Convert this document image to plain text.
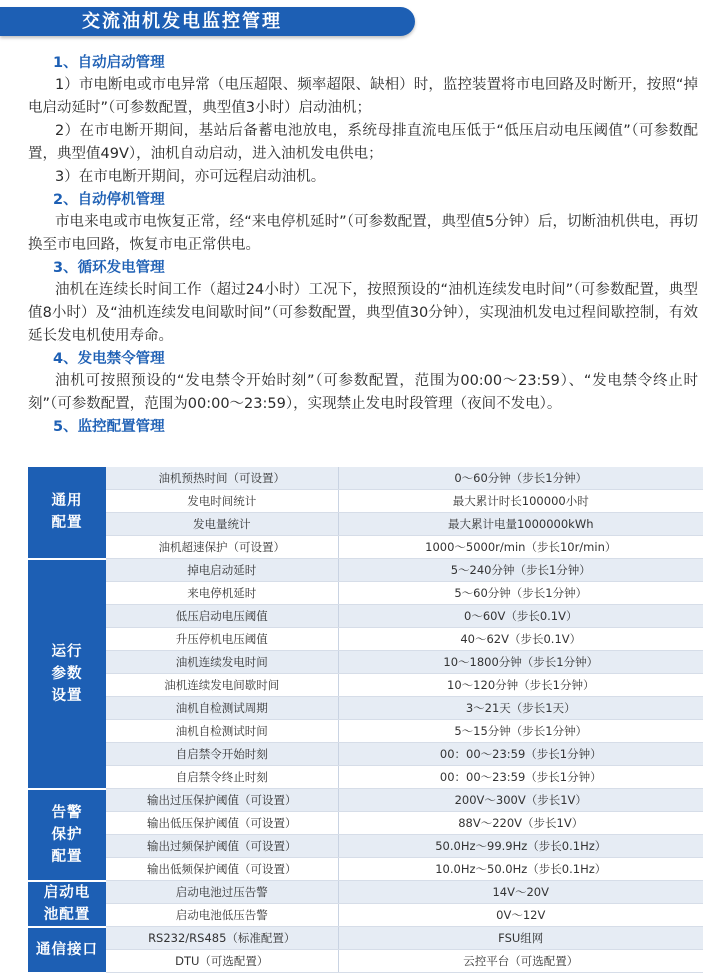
交流油机发电监控管理
1、自动启动管理
1）市电断电或市电异常（电压超限、频率超限、缺相）时，监控装置将市电回路及时断开，按照“掉电启动延时”（可参数配置，典型值3小时）启动油机；
2）在市电断开期间，基站后备蓄电池放电，系统母排直流电压低于“低压启动电压阈值”（可参数配置，典型值49V），油机自动启动，进入油机发电供电；
3）在市电断开期间，亦可远程启动油机。
2、自动停机管理
市电来电或市电恢复正常，经“来电停机延时”（可参数配置，典型值5分钟）后，切断油机供电，再切换至市电回路，恢复市电正常供电。
3、循环发电管理
油机在连续长时间工作（超过24小时）工况下，按照预设的“油机连续发电时间”（可参数配置，典型值8小时）及“油机连续发电间歇时间”（可参数配置，典型值30分钟），实现油机发电过程间歇控制，有效延长发电机使用寿命。
4、发电禁令管理
油机可按照预设的“发电禁令开始时刻”（可参数配置，范围为00:00～23:59）、“发电禁令终止时刻”（可参数配置，范围为00:00～23:59），实现禁止发电时段管理（夜间不发电）。
5、监控配置管理
通用
配置	油机预热时间（可设置）	0～60分钟（步长1分钟）
	发电时间统计	最大累计时长100000小时
	发电量统计	最大累计电量1000000kWh
	油机超速保护（可设置）	1000～5000r/min（步长10r/min）
运行
参数
设置	掉电启动延时	5～240分钟（步长1分钟）
	来电停机延时	5～60分钟（步长1分钟）
	低压启动电压阈值	0～60V（步长0.1V）
	升压停机电压阈值	40～62V（步长0.1V）
	油机连续发电时间	10～1800分钟（步长1分钟）
	油机连续发电间歇时间	10～120分钟（步长1分钟）
	油机自检测试周期	3～21天（步长1天）
	油机自检测试时间	5～15分钟（步长1分钟）
	自启禁令开始时刻	00：00～23:59（步长1分钟）
	自启禁令终止时刻	00：00～23:59（步长1分钟）
告警
保护
配置	输出过压保护阈值（可设置）	200V～300V（步长1V）
	输出低压保护阈值（可设置）	88V～220V（步长1V）
	输出过频保护阈值（可设置）	50.0Hz～99.9Hz（步长0.1Hz）
	输出低频保护阈值（可设置）	10.0Hz～50.0Hz（步长0.1Hz）
启动电
池配置	启动电池过压告警	14V～20V
	启动电池低压告警	0V～12V
通信接口	RS232/RS485（标准配置）	FSU组网
	DTU（可选配置）	云控平台（可选配置）
